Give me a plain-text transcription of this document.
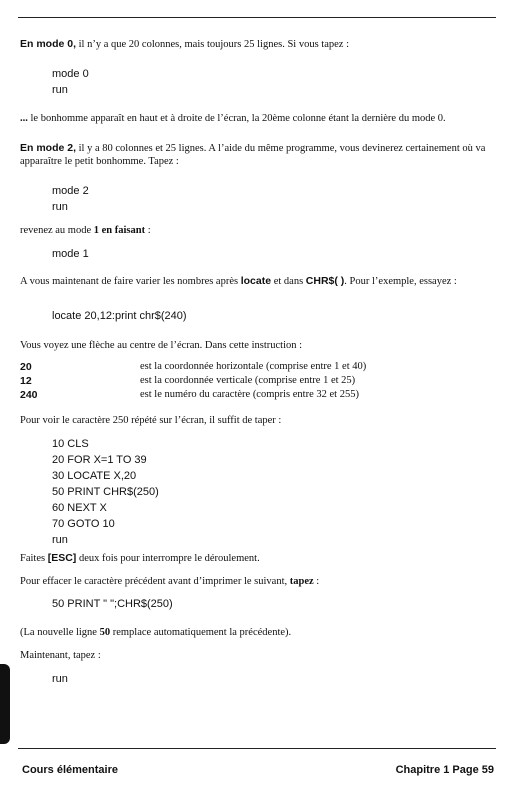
En mode 0, il n’y a que 20 colonnes, mais toujours 25 lignes. Si vous tapez :
mode 0
run
... le bonhomme apparaît en haut et à droite de l’écran, la 20ème colonne étant la dernière du mode 0.
En mode 2, il y a 80 colonnes et 25 lignes. A l’aide du même programme, vous devinerez certainement où va apparaître le petit bonhomme. Tapez :
mode 2
run
revenez au mode 1 en faisant :
mode 1
A vous maintenant de faire varier les nombres après locate et dans CHR$( ). Pour l’exemple, essayez :
locate 20,12:print chr$(240)
Vous voyez une flèche au centre de l’écran. Dans cette instruction :
20	est la coordonnée horizontale (comprise entre 1 et 40)
12	est la coordonnée verticale (comprise entre 1 et 25)
240	est le numéro du caractère (compris entre 32 et 255)
Pour voir le caractère 250 répété sur l’écran, il suffit de taper :
10 CLS
20 FOR X=1 TO 39
30 LOCATE X,20
50 PRINT CHR$(250)
60 NEXT X
70 GOTO 10
run
Faites [ESC] deux fois pour interrompre le déroulement.
Pour effacer le caractère précédent avant d’imprimer le suivant, tapez :
50 PRINT " ";CHR$(250)
(La nouvelle ligne 50 remplace automatiquement la précédente).
Maintenant, tapez :
run
Cours élémentaire	Chapitre 1 Page 59
